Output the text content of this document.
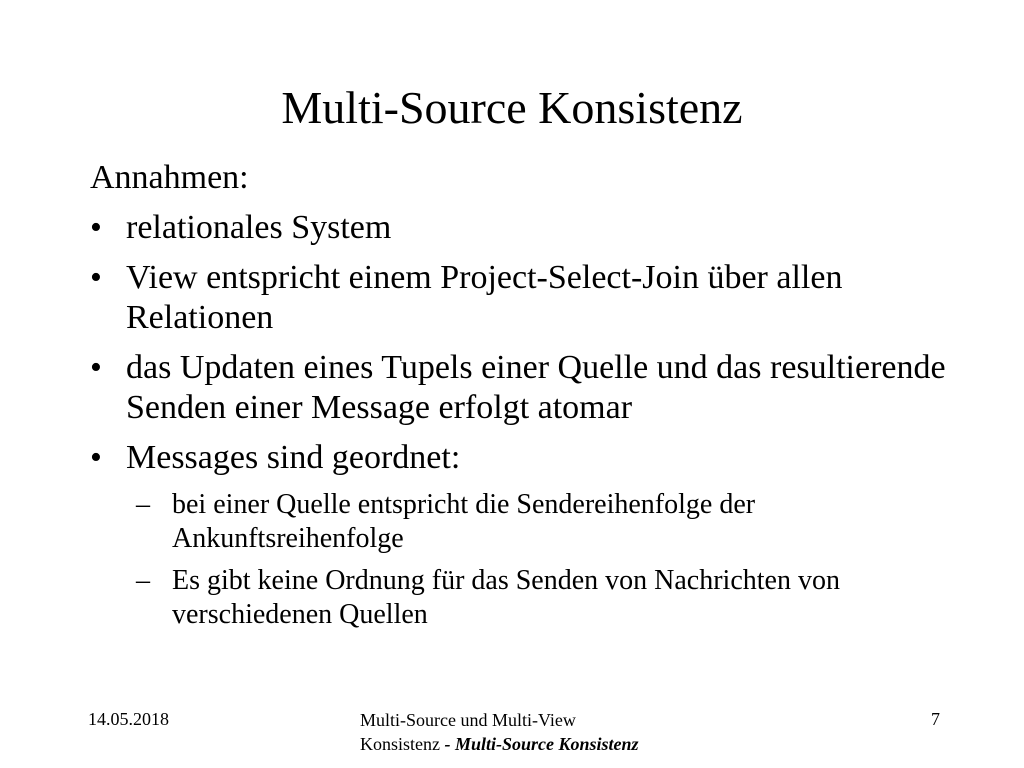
Multi-Source Konsistenz
Annahmen:
• relationales System
• View entspricht einem Project-Select-Join über allen Relationen
• das Updaten eines Tupels einer Quelle und das resultierende Senden einer Message erfolgt atomar
• Messages sind geordnet:
– bei einer Quelle entspricht die Sendereihenfolge der Ankunftsreihenfolge
– Es gibt keine Ordnung für das Senden von Nachrichten von verschiedenen Quellen
14.05.2018	Multi-Source und Multi-View
Konsistenz - Multi-Source Konsistenz
7
